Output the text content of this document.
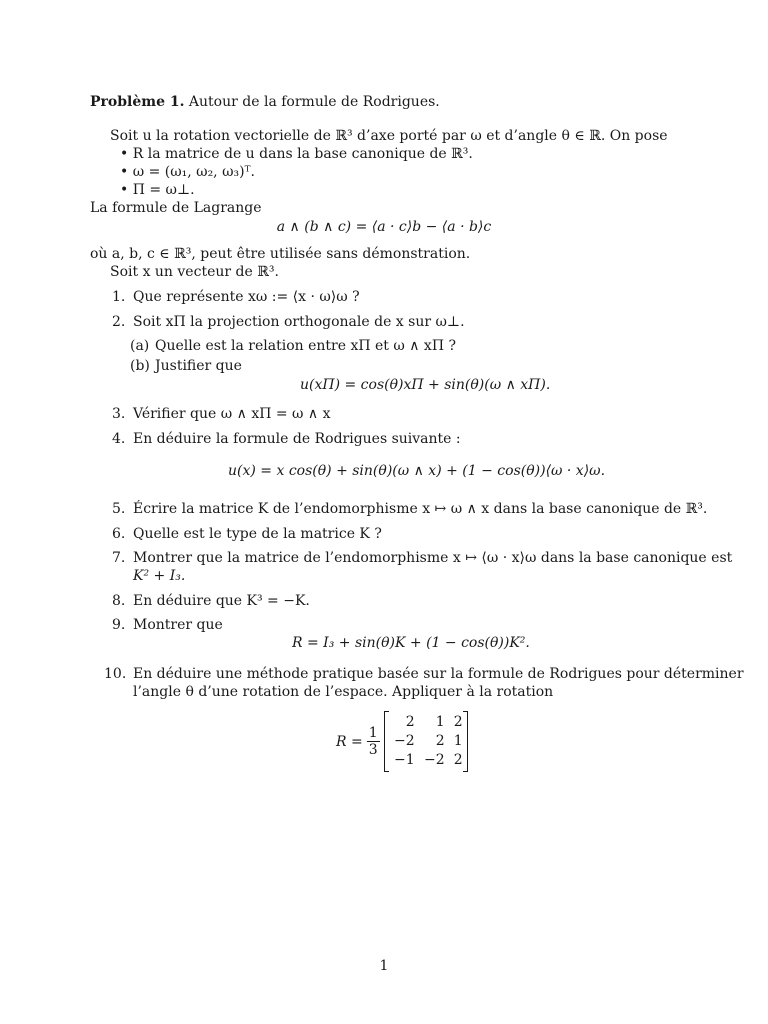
Problème 1. Autour de la formule de Rodrigues.
Soit u la rotation vectorielle de ℝ³ d’axe porté par ω et d’angle θ ∈ ℝ. On pose
• R la matrice de u dans la base canonique de ℝ³.
• ω = (ω₁, ω₂, ω₃)ᵀ.
• Π = ω⊥.
La formule de Lagrange
a ∧ (b ∧ c) = ⟨a · c⟩b − ⟨a · b⟩c
où a, b, c ∈ ℝ³, peut être utilisée sans démonstration.
Soit x un vecteur de ℝ³.
1. Que représente xω := ⟨x · ω⟩ω ?
2. Soit xΠ la projection orthogonale de x sur ω⊥.
(a) Quelle est la relation entre xΠ et ω ∧ xΠ ?
(b) Justifier que
u(xΠ) = cos(θ)xΠ + sin(θ)(ω ∧ xΠ).
3. Vérifier que ω ∧ xΠ = ω ∧ x
4. En déduire la formule de Rodrigues suivante :
u(x) = x cos(θ) + sin(θ)(ω ∧ x) + (1 − cos(θ))⟨ω · x⟩ω.
5. Écrire la matrice K de l’endomorphisme x ↦ ω ∧ x dans la base canonique de ℝ³.
6. Quelle est le type de la matrice K ?
7. Montrer que la matrice de l’endomorphisme x ↦ ⟨ω · x⟩ω dans la base canonique est
K² + I₃.
8. En déduire que K³ = −K.
9. Montrer que
R = I₃ + sin(θ)K + (1 − cos(θ))K².
10. En déduire une méthode pratique basée sur la formule de Rodrigues pour déterminer
l’angle θ d’une rotation de l’espace. Appliquer à la rotation
$R = \frac{1}{3}$
2	1 2
−2	2 1
−1 −2 2
1
